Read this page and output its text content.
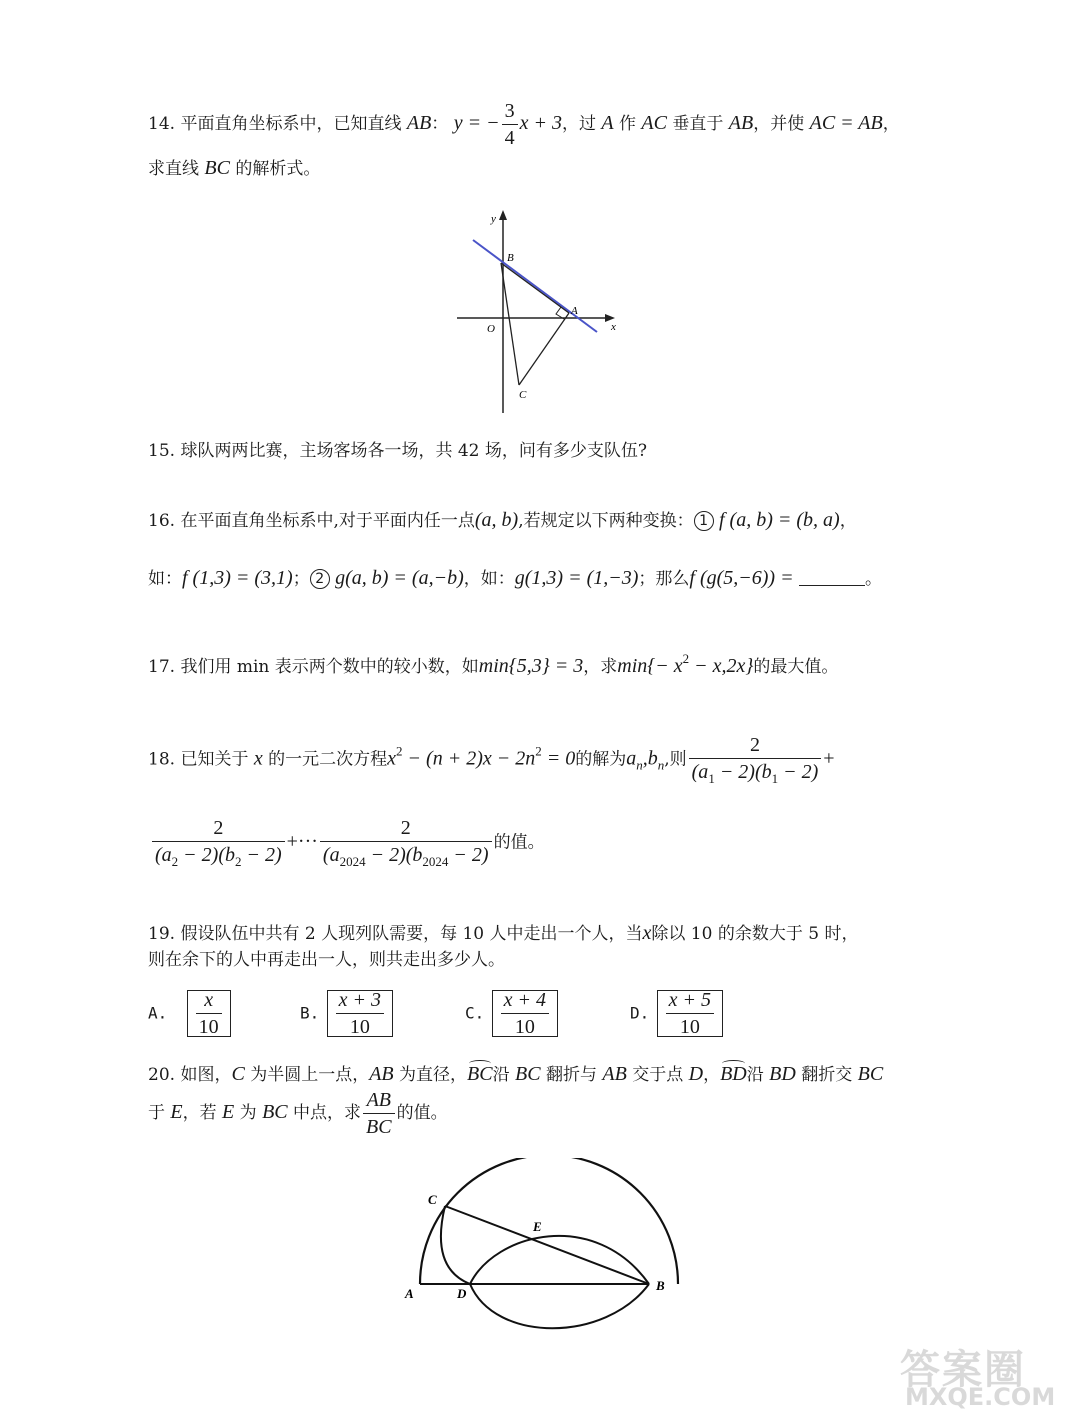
14. 平面直角坐标系中，已知直线 AB： y = − $\frac{3}{4}$ x + 3，过 A 作 AC 垂直于 AB，并使 AC = AB，
求直线 BC 的解析式。
y
x
O
B
A
C
15. 球队两两比赛，主场客场各一场，共 42 场，问有多少支队伍?
16. 在平面直角坐标系中,对于平面内任一点(a, b),若规定以下两种变换： 1 f (a, b) = (b, a)，
如：f (1,3) = (3,1)； 2 g(a, b) = (a,−b)，如：g(1,3) = (1,−3)；那么f (g(5,−6)) =	。
17. 我们用 min 表示两个数中的较小数，如min{5,3} = 3，求$\min\{- x^2 - x,2x\}$的最大值。
18. 已知关于 x 的一元二次方程$x^2 - (n + 2)x - 2n^2 = 0$的解为$a_n,b_n$,则 $\frac{2}{(a_1 - 2)(b_1 - 2)}$ +
$\frac{2}{(a_2 - 2)(b_2 - 2)}$ +··· $\frac{2}{(a_{2024} - 2)(b_{2024} - 2)}$ 的值。
19. 假设队伍中共有 2 人现列队需要，每 10 人中走出一个人，当x除以 10 的余数大于 5 时，
则在余下的人中再走出一人，则共走出多少人。
A. $\frac{x}{10}$	B. $\frac{x + 3}{10}$	C. $\frac{x + 4}{10}$	D. $\frac{x + 5}{10}$
20. 如图，C 为半圆上一点，AB 为直径，BC沿 BC 翻折与 AB 交于点 D，BD沿 BD 翻折交 BC
于 E，若 E 为 BC 中点，求 $\frac{AB}{BC}$ 的值。
C
E
A	D
B
答案圈
MXQE.COM
